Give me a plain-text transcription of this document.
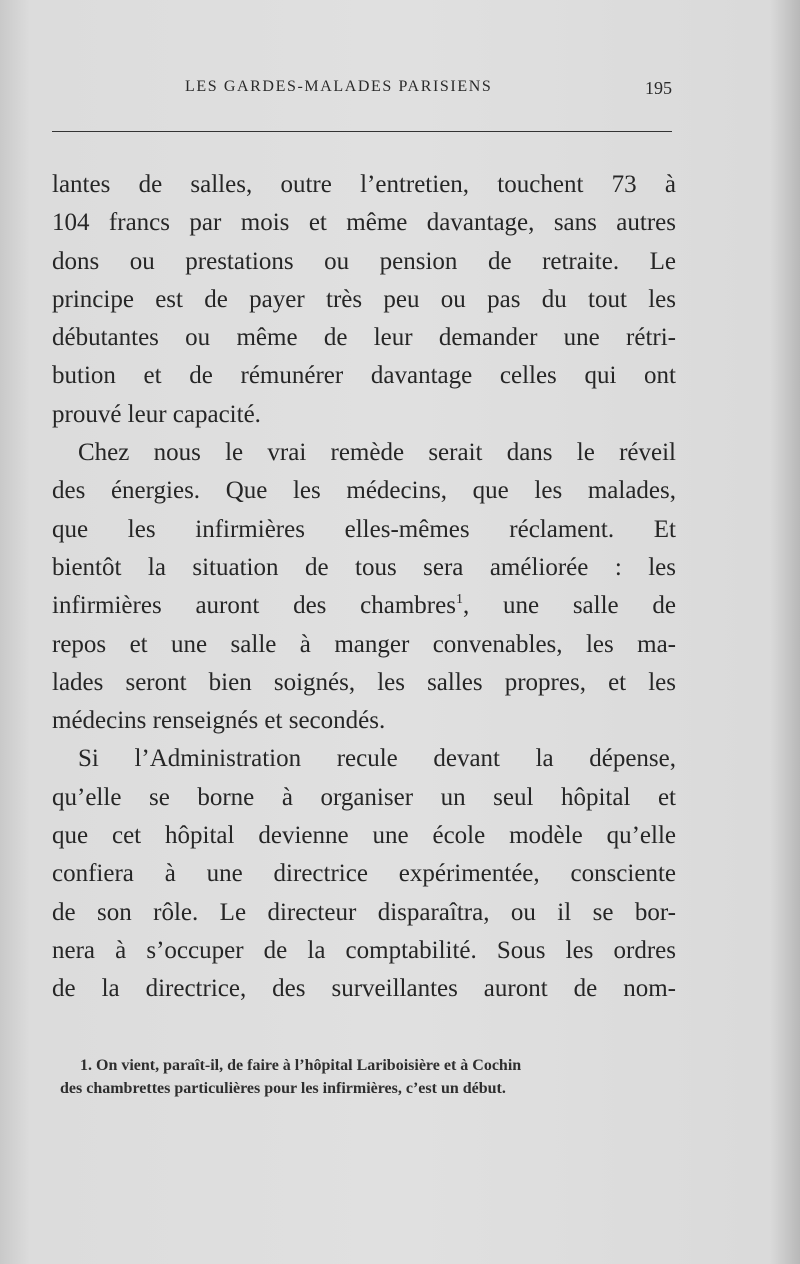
LES GARDES-MALADES PARISIENS	195
lantes de salles, outre l’entretien, touchent 73 à
104 francs par mois et même davantage, sans autres
dons ou prestations ou pension de retraite. Le
principe est de payer très peu ou pas du tout les
débutantes ou même de leur demander une rétri-
bution et de rémunérer davantage celles qui ont
prouvé leur capacité.
Chez nous le vrai remède serait dans le réveil
des énergies. Que les médecins, que les malades,
que les infirmières elles-mêmes réclament. Et
bientôt la situation de tous sera améliorée : les
infirmières auront des chambres$^1$, une salle de
repos et une salle à manger convenables, les ma-
lades seront bien soignés, les salles propres, et les
médecins renseignés et secondés.
Si l’Administration recule devant la dépense,
qu’elle se borne à organiser un seul hôpital et
que cet hôpital devienne une école modèle qu’elle
confiera à une directrice expérimentée, consciente
de son rôle. Le directeur disparaîtra, ou il se bor-
nera à s’occuper de la comptabilité. Sous les ordres
de la directrice, des surveillantes auront de nom-
1. On vient, paraît-il, de faire à l’hôpital Lariboisière et à Cochin
des chambrettes particulières pour les infirmières, c’est un début.
